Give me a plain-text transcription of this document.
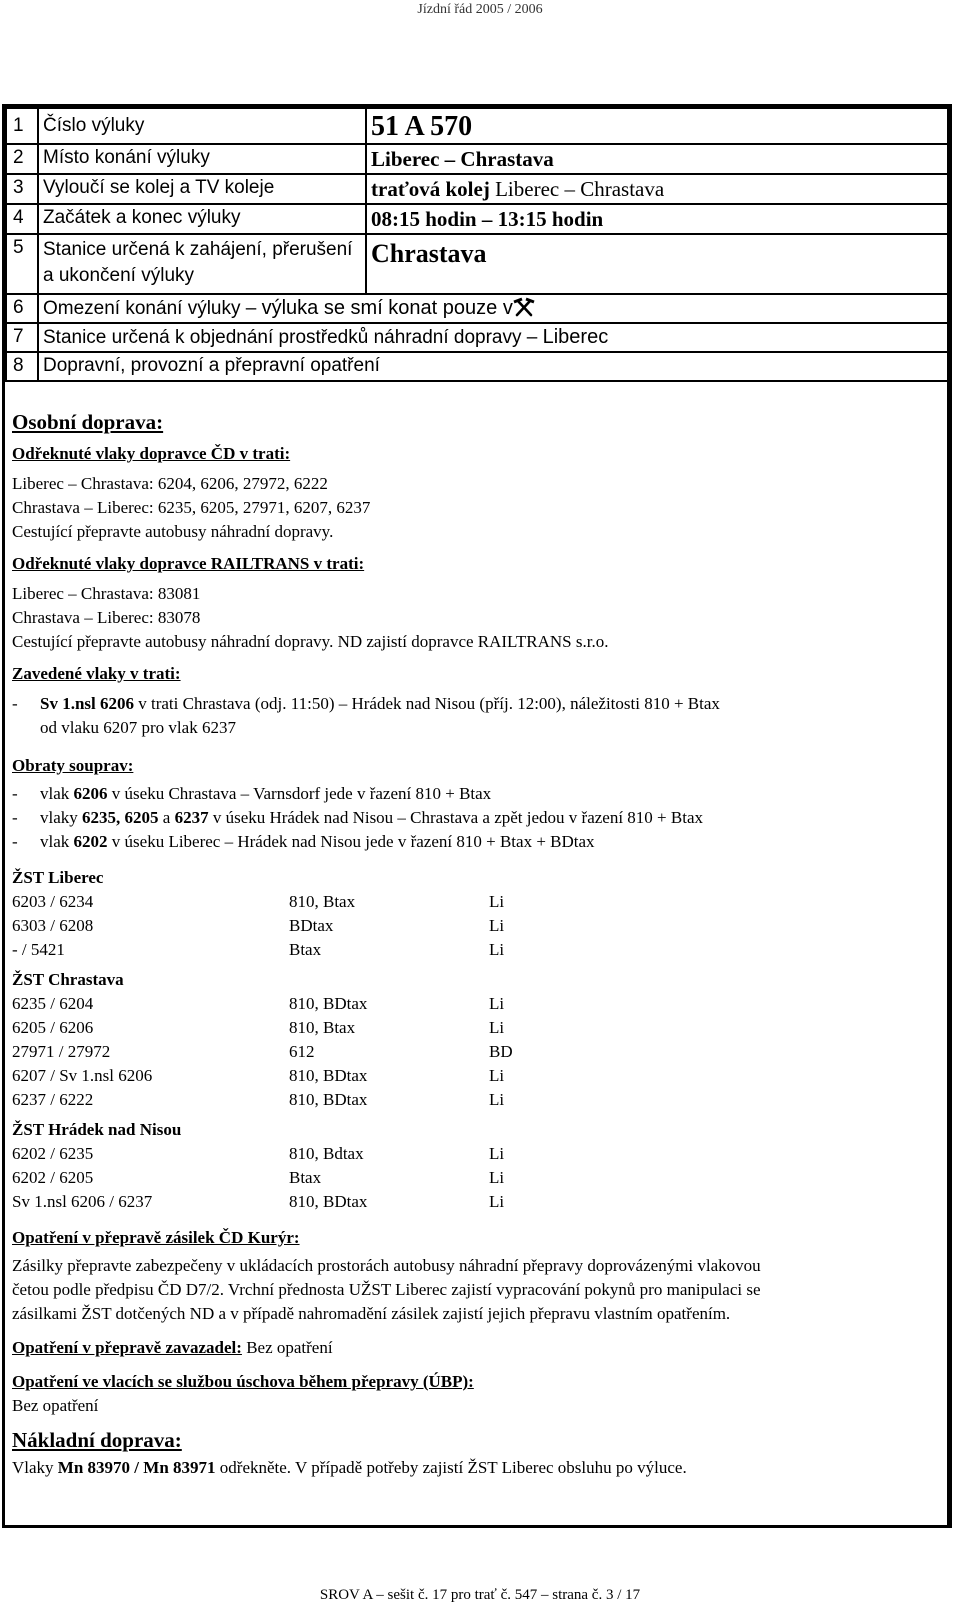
Jízdní řád 2005 / 2006
1	Číslo výluky	51 A 570
2	Místo konání výluky	Liberec – Chrastava
3	Vyloučí se kolej a TV koleje	traťová kolej Liberec – Chrastava
4	Začátek a konec výluky	08:15 hodin – 13:15 hodin
5	Stanice určená k zahájení, přerušení a ukončení výluky	Chrastava
6	Omezení konání výluky – výluka se smí konat pouze v	
7	Stanice určená k objednání prostředků náhradní dopravy – Liberec	
8	Dopravní, provozní a přepravní opatření	
Osobní doprava:
Odřeknuté vlaky dopravce ČD v trati:
Liberec – Chrastava: 6204, 6206, 27972, 6222
Chrastava – Liberec: 6235, 6205, 27971, 6207, 6237
Cestující přepravte autobusy náhradní dopravy.
Odřeknuté vlaky dopravce RAILTRANS v trati:
Liberec – Chrastava: 83081
Chrastava – Liberec: 83078
Cestující přepravte autobusy náhradní dopravy. ND zajistí dopravce RAILTRANS s.r.o.
Zavedené vlaky v trati:
-	Sv 1.nsl 6206 v trati Chrastava (odj. 11:50) – Hrádek nad Nisou (příj. 12:00), náležitosti 810 + Btax
od vlaku 6207 pro vlak 6237
Obraty souprav:
-	vlak 6206 v úseku Chrastava – Varnsdorf jede v řazení 810 + Btax
-	vlaky 6235, 6205 a 6237 v úseku Hrádek nad Nisou – Chrastava a zpět jedou v řazení 810 + Btax
-	vlak 6202 v úseku Liberec – Hrádek nad Nisou jede v řazení 810 + Btax + BDtax
ŽST Liberec
6203 / 6234	810, Btax	Li
6303 / 6208	BDtax	Li
- / 5421	Btax	Li
ŽST Chrastava
6235 / 6204	810, BDtax	Li
6205 / 6206	810, Btax	Li
27971 / 27972	612	BD
6207 / Sv 1.nsl 6206	810, BDtax	Li
6237 / 6222	810, BDtax	Li
ŽST Hrádek nad Nisou
6202 / 6235	810, Bdtax	Li
6202 / 6205	Btax	Li
Sv 1.nsl 6206 / 6237	810, BDtax	Li
Opatření v přepravě zásilek ČD Kurýr:
Zásilky přepravte zabezpečeny v ukládacích prostorách autobusy náhradní přepravy doprovázenými vlakovou
četou podle předpisu ČD D7/2. Vrchní přednosta UŽST Liberec zajistí vypracování pokynů pro manipulaci se
zásilkami ŽST dotčených ND a v případě nahromadění zásilek zajistí jejich přepravu vlastním opatřením.
Opatření v přepravě zavazadel: Bez opatření
Opatření ve vlacích se službou úschova během přepravy (ÚBP):
Bez opatření
Nákladní doprava:
Vlaky Mn 83970 / Mn 83971 odřekněte. V případě potřeby zajistí ŽST Liberec obsluhu po výluce.
SROV A – sešit č. 17 pro trať č. 547 – strana č. 3 / 17
